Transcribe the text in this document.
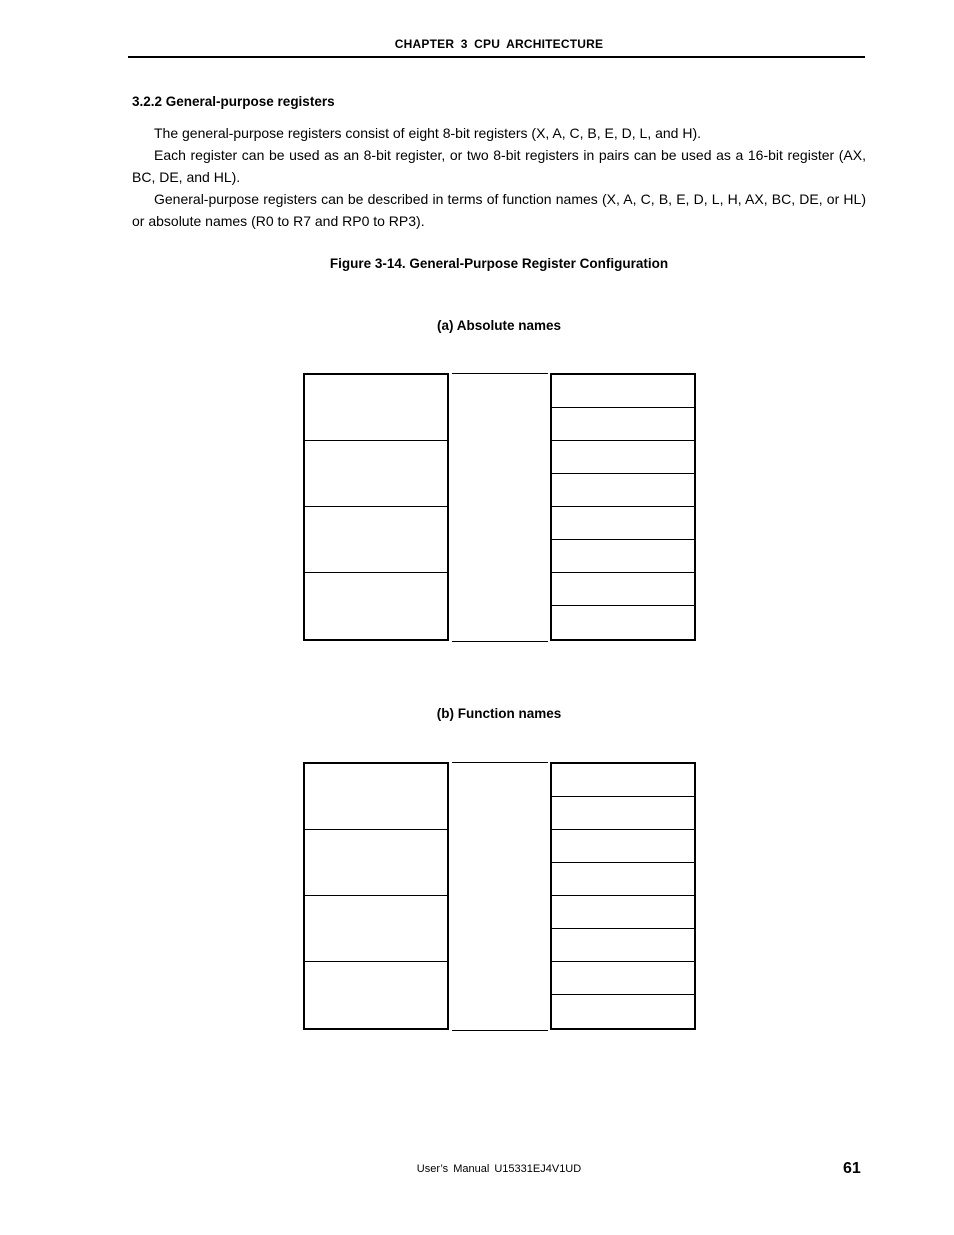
CHAPTER 3 CPU ARCHITECTURE
3.2.2 General-purpose registers

The general-purpose registers consist of eight 8-bit registers (X, A, C, B, E, D, L, and H).

Each register can be used as an 8-bit register, or two 8-bit registers in pairs can be used as a 16-bit register (AX, BC, DE, and HL).

General-purpose registers can be described in terms of function names (X, A, C, B, E, D, L, H, AX, BC, DE, or HL) or absolute names (R0 to R7 and RP0 to RP3).

Figure 3-14. General-Purpose Register Configuration
(a) Absolute names
(b) Function names
User’s Manual U15331EJ4V1UD	61
